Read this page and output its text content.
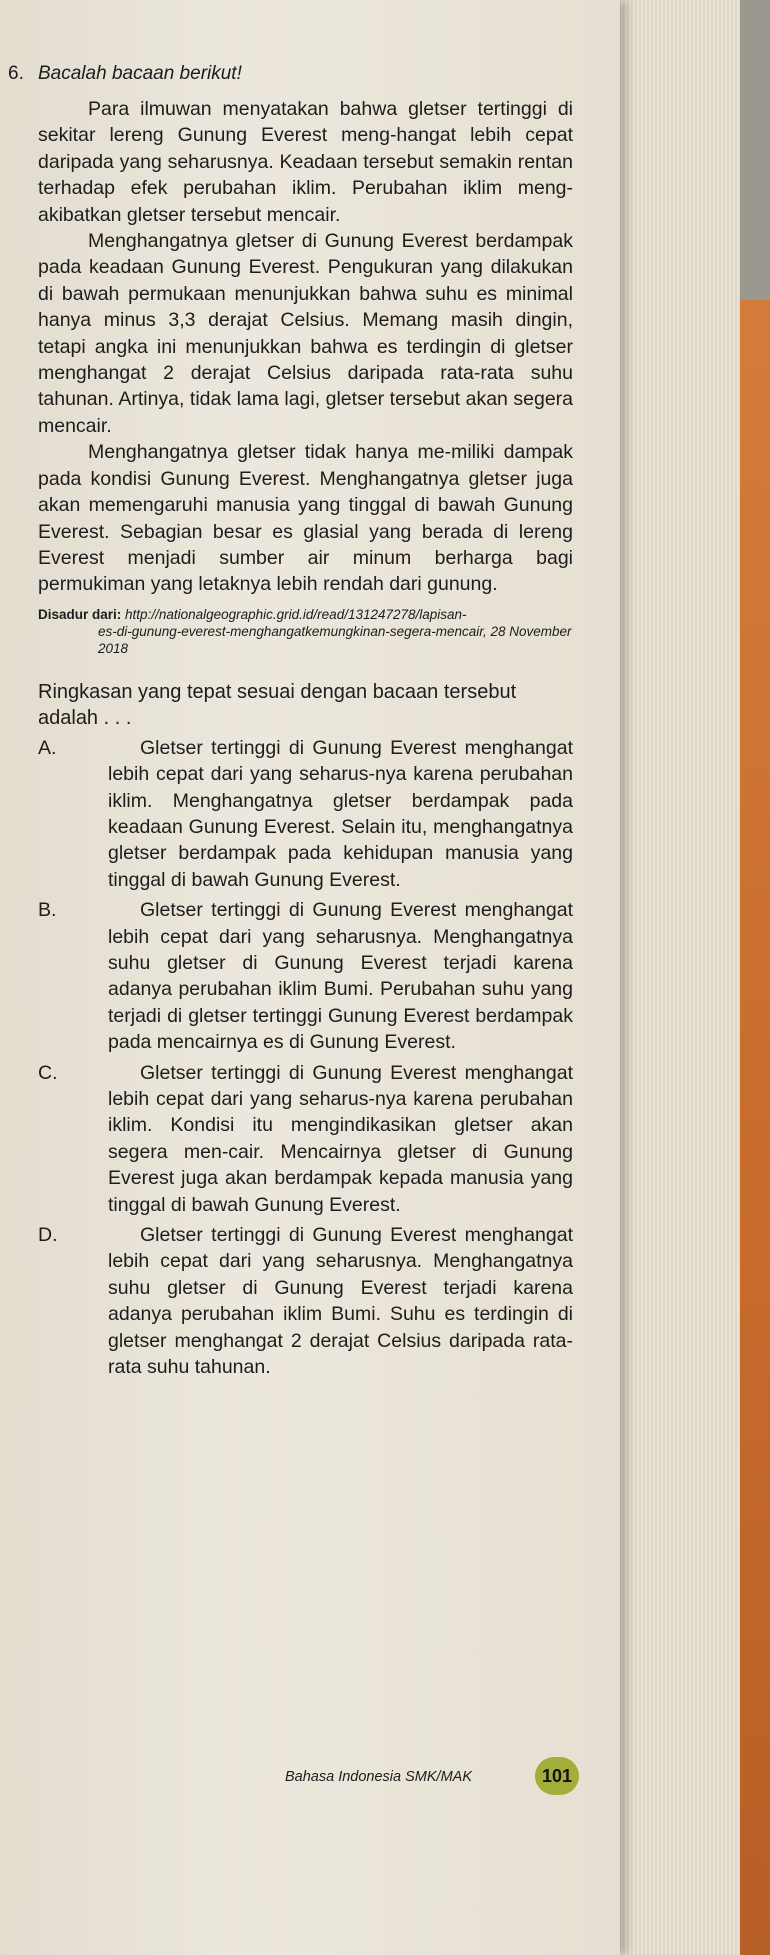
6. Bacalah bacaan berikut!

Para ilmuwan menyatakan bahwa gletser tertinggi di sekitar lereng Gunung Everest meng-hangat lebih cepat daripada yang seharusnya. Keadaan tersebut semakin rentan terhadap efek perubahan iklim. Perubahan iklim meng-akibatkan gletser tersebut mencair.

Menghangatnya gletser di Gunung Everest berdampak pada keadaan Gunung Everest. Pengukuran yang dilakukan di bawah permukaan menunjukkan bahwa suhu es minimal hanya minus 3,3 derajat Celsius. Memang masih dingin, tetapi angka ini menunjukkan bahwa es terdingin di gletser menghangat 2 derajat Celsius daripada rata-rata suhu tahunan. Artinya, tidak lama lagi, gletser tersebut akan segera mencair.

Menghangatnya gletser tidak hanya me-miliki dampak pada kondisi Gunung Everest. Menghangatnya gletser juga akan memengaruhi manusia yang tinggal di bawah Gunung Everest. Sebagian besar es glasial yang berada di lereng Everest menjadi sumber air minum berharga bagi permukiman yang letaknya lebih rendah dari gunung.

Disadur dari: http://nationalgeographic.grid.id/read/131247278/lapisan-
es-di-gunung-everest-menghangatkemungkinan-segera-mencair, 28 November 2018
Ringkasan yang tepat sesuai dengan bacaan tersebut adalah . . .
A.	Gletser tertinggi di Gunung Everest menghangat lebih cepat dari yang seharus-nya karena perubahan iklim. Menghangatnya gletser berdampak pada keadaan Gunung Everest. Selain itu, menghangatnya gletser berdampak pada kehidupan manusia yang tinggal di bawah Gunung Everest.
B.	Gletser tertinggi di Gunung Everest menghangat lebih cepat dari yang seharusnya. Menghangatnya suhu gletser di Gunung Everest terjadi karena adanya perubahan iklim Bumi. Perubahan suhu yang terjadi di gletser tertinggi Gunung Everest berdampak pada mencairnya es di Gunung Everest.
C.	Gletser tertinggi di Gunung Everest menghangat lebih cepat dari yang seharus-nya karena perubahan iklim. Kondisi itu mengindikasikan gletser akan segera men-cair. Mencairnya gletser di Gunung Everest juga akan berdampak kepada manusia yang tinggal di bawah Gunung Everest.
D.	Gletser tertinggi di Gunung Everest menghangat lebih cepat dari yang seharusnya. Menghangatnya suhu gletser di Gunung Everest terjadi karena adanya perubahan iklim Bumi. Suhu es terdingin di gletser menghangat 2 derajat Celsius daripada rata-rata suhu tahunan.
Bahasa Indonesia SMK/MAK	101
